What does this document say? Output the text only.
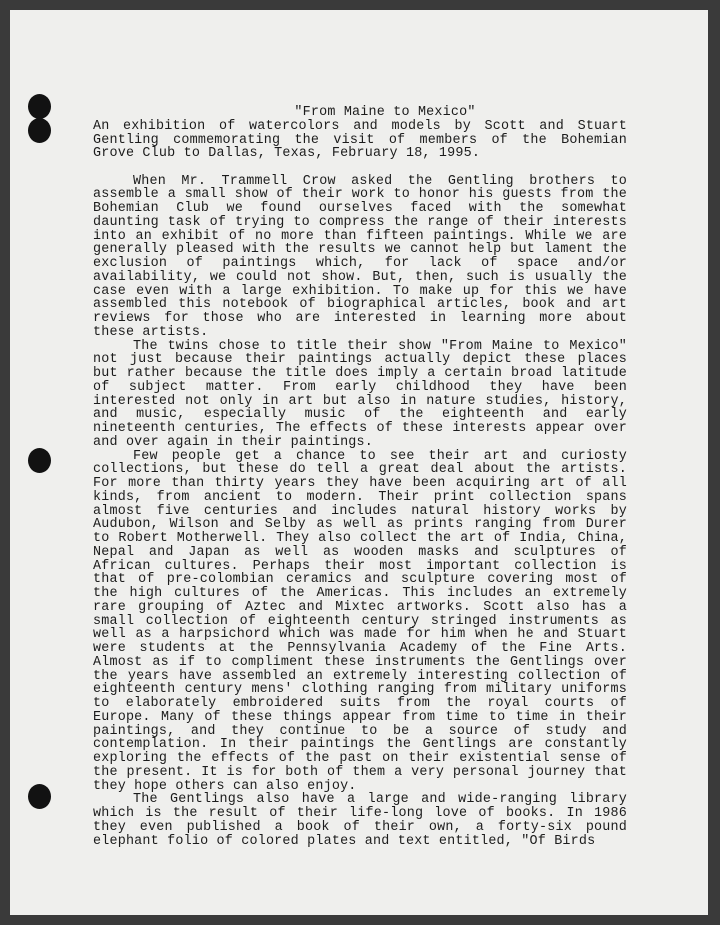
"From Maine to Mexico"

An exhibition of watercolors and models by Scott and Stuart Gentling commemorating the visit of members of the Bohemian Grove Club to Dallas, Texas, February 18, 1995.

When Mr. Trammell Crow asked the Gentling brothers to assemble a small show of their work to honor his guests from the Bohemian Club we found ourselves faced with the somewhat daunting task of trying to compress the range of their interests into an exhibit of no more than fifteen paintings. While we are generally pleased with the results we cannot help but lament the exclusion of paintings which, for lack of space and/or availability, we could not show. But, then, such is usually the case even with a large exhibition. To make up for this we have assembled this notebook of biographical articles, book and art reviews for those who are interested in learning more about these artists.

The twins chose to title their show "From Maine to Mexico" not just because their paintings actually depict these places but rather because the title does imply a certain broad latitude of subject matter. From early childhood they have been interested not only in art but also in nature studies, history, and music, especially music of the eighteenth and early nineteenth centuries, The effects of these interests appear over and over again in their paintings.

Few people get a chance to see their art and curiosty collections, but these do tell a great deal about the artists. For more than thirty years they have been acquiring art of all kinds, from ancient to modern. Their print collection spans almost five centuries and includes natural history works by Audubon, Wilson and Selby as well as prints ranging from Durer to Robert Motherwell. They also collect the art of India, China, Nepal and Japan as well as wooden masks and sculptures of African cultures. Perhaps their most important collection is that of pre-colombian ceramics and sculpture covering most of the high cultures of the Americas. This includes an extremely rare grouping of Aztec and Mixtec artworks. Scott also has a small collection of eighteenth century stringed instruments as well as a harpsichord which was made for him when he and Stuart were students at the Pennsylvania Academy of the Fine Arts. Almost as if to compliment these instruments the Gentlings over the years have assembled an extremely interesting collection of eighteenth century mens' clothing ranging from military uniforms to elaborately embroidered suits from the royal courts of Europe. Many of these things appear from time to time in their paintings, and they continue to be a source of study and contemplation. In their paintings the Gentlings are constantly exploring the effects of the past on their existential sense of the present. It is for both of them a very personal journey that they hope others can also enjoy.

The Gentlings also have a large and wide-ranging library which is the result of their life-long love of books. In 1986 they even published a book of their own, a forty-six pound elephant folio of colored plates and text entitled, "Of Birds
